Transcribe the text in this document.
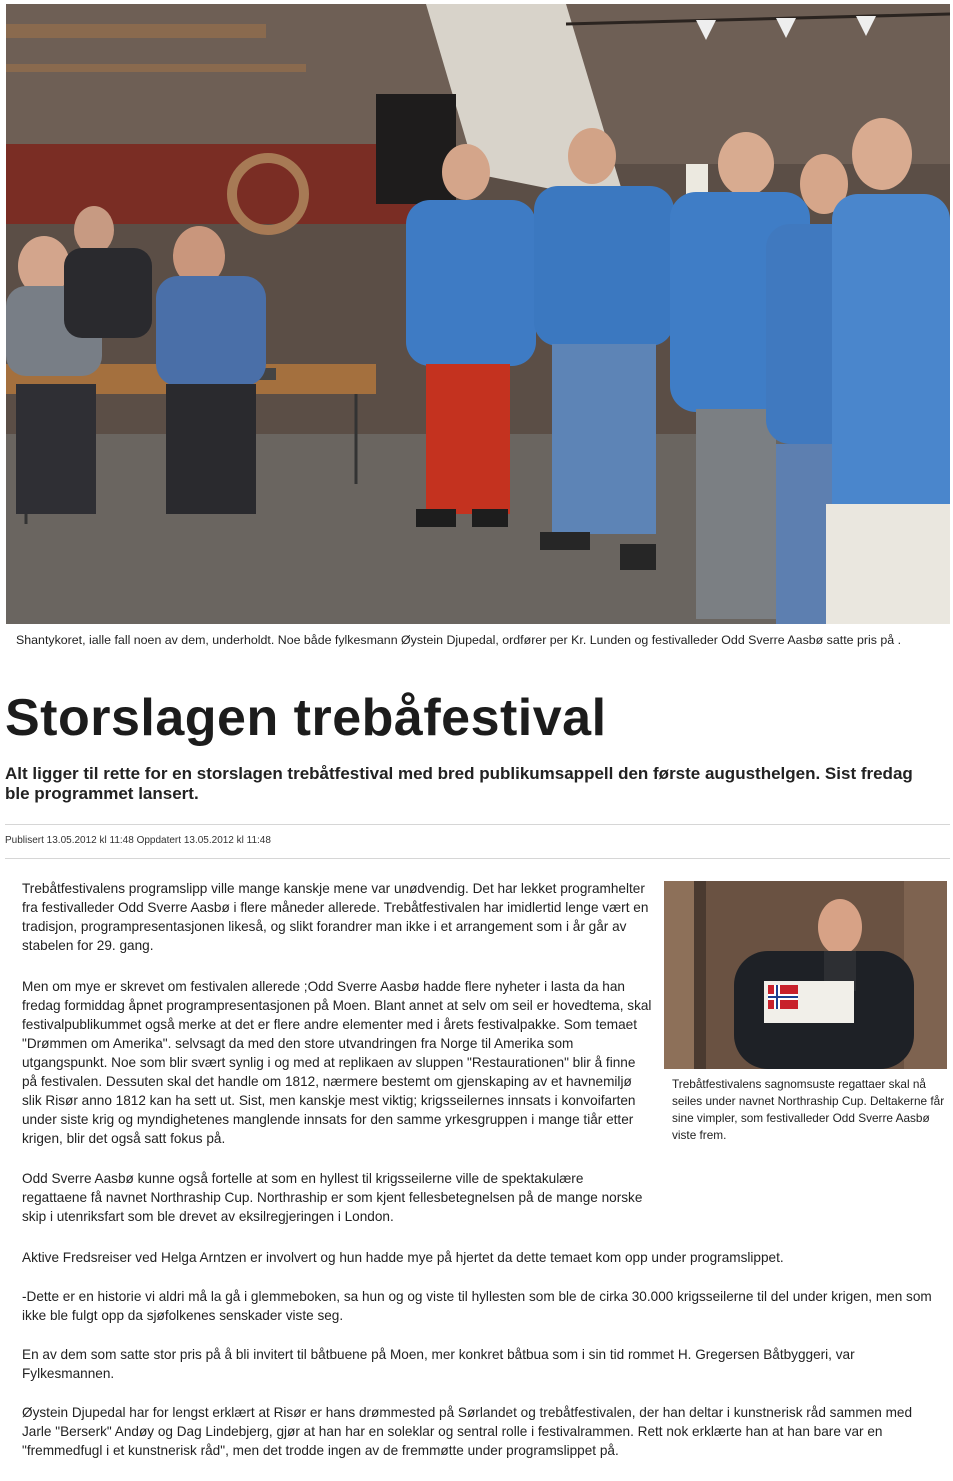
Shantykoret, ialle fall noen av dem, underholdt. Noe både fylkesmann Øystein Djupedal, ordfører per Kr. Lunden og festivalleder Odd Sverre Aasbø satte pris på .
Storslagen trebåfestival
Alt ligger til rette for en storslagen trebåtfestival med bred publikumsappell den første augusthelgen. Sist fredag ble programmet lansert.
Publisert 13.05.2012 kl 11:48 Oppdatert 13.05.2012 kl 11:48
Trebåtfestivalens sagnomsuste regattaer skal nå seiles under navnet Northraship Cup. Deltakerne får sine vimpler, som festivalleder Odd Sverre Aasbø viste frem.
Trebåtfestivalens programslipp ville mange kanskje mene var unødvendig. Det har lekket programhelter fra festivalleder Odd Sverre Aasbø i flere måneder allerede. Trebåtfestivalen har imidlertid lenge vært en tradisjon, programpresentasjonen likeså, og slikt forandrer man ikke i et arrangement som i år går av stabelen for 29. gang.
Men om mye er skrevet om festivalen allerede ;Odd Sverre Aasbø hadde flere nyheter i lasta da han fredag formiddag åpnet programpresentasjonen på Moen. Blant annet at selv om seil er hovedtema, skal festivalpublikummet også merke at det er flere andre elementer med i årets festivalpakke. Som temaet "Drømmen om Amerika". selvsagt da med den store utvandringen fra Norge til Amerika som utgangspunkt. Noe som blir svært synlig i og med at replikaen av sluppen "Restaurationen" blir å finne på festivalen. Dessuten skal det handle om 1812, nærmere bestemt om gjenskaping av et havnemiljø slik Risør anno 1812 kan ha sett ut. Sist, men kanskje mest viktig; krigsseilernes innsats i konvoifarten under siste krig og myndighetenes manglende innsats for den samme yrkesgruppen i mange tiår etter krigen, blir det også satt fokus på.
Odd Sverre Aasbø kunne også fortelle at som en hyllest til krigsseilerne ville de spektakulære regattaene få navnet Northraship Cup. Northraship er som kjent fellesbetegnelsen på de mange norske skip i utenriksfart som ble drevet av eksilregjeringen i London.
Aktive Fredsreiser ved Helga Arntzen er involvert og hun hadde mye på hjertet da dette temaet kom opp under programslippet.
-Dette er en historie vi aldri må la gå i glemmeboken, sa hun og og viste til hyllesten som ble de cirka 30.000 krigsseilerne til del under krigen, men som ikke ble fulgt opp da sjøfolkenes senskader viste seg.
En av dem som satte stor pris på å bli invitert til båtbuene på Moen, mer konkret båtbua som i sin tid rommet H. Gregersen Båtbyggeri, var Fylkesmannen.
Øystein Djupedal har for lengst erklært at Risør er hans drømmested på Sørlandet og trebåtfestivalen, der han deltar i kunstnerisk råd sammen med Jarle "Berserk" Andøy og Dag Lindebjerg, gjør at han har en soleklar og sentral rolle i festivalrammen. Rett nok erklærte han at han bare var en "fremmedfugl i et kunstnerisk råd", men det trodde ingen av de fremmøtte under programslippet på.
